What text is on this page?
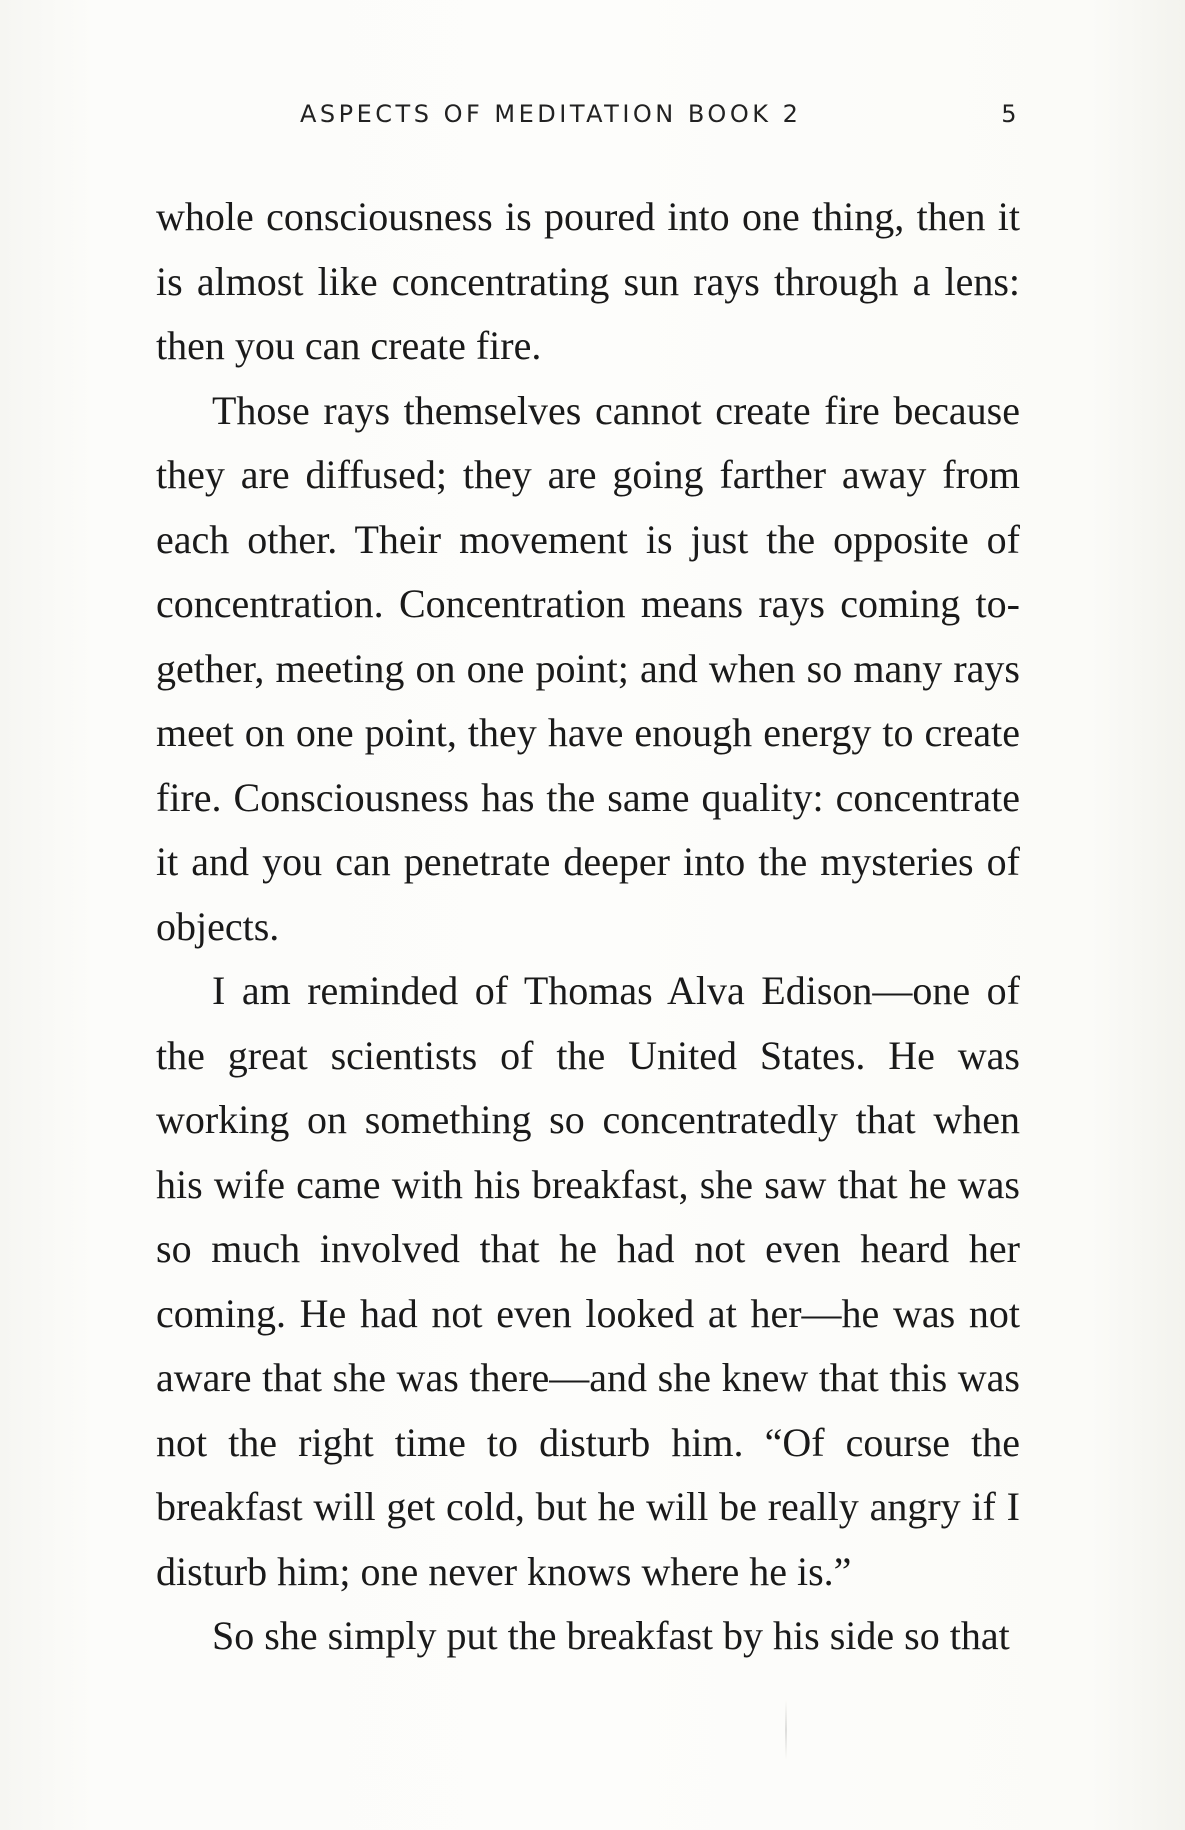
ASPECTS OF MEDITATION BOOK 2	5

whole consciousness is poured into one thing, then it is almost like concentrating sun rays through a lens: then you can create fire.

Those rays themselves cannot create fire because they are diffused; they are going farther away from each other. Their movement is just the opposite of concentration. Concentration means rays coming to-gether, meeting on one point; and when so many rays meet on one point, they have enough energy to create fire. Consciousness has the same quality: concentrate it and you can penetrate deeper into the mysteries of objects.

I am reminded of Thomas Alva Edison—one of the great scientists of the United States. He was working on something so concentratedly that when his wife came with his breakfast, she saw that he was so much involved that he had not even heard her coming. He had not even looked at her—he was not aware that she was there—and she knew that this was not the right time to disturb him. “Of course the breakfast will get cold, but he will be really angry if I disturb him; one never knows where he is.”

So she simply put the breakfast by his side so that
